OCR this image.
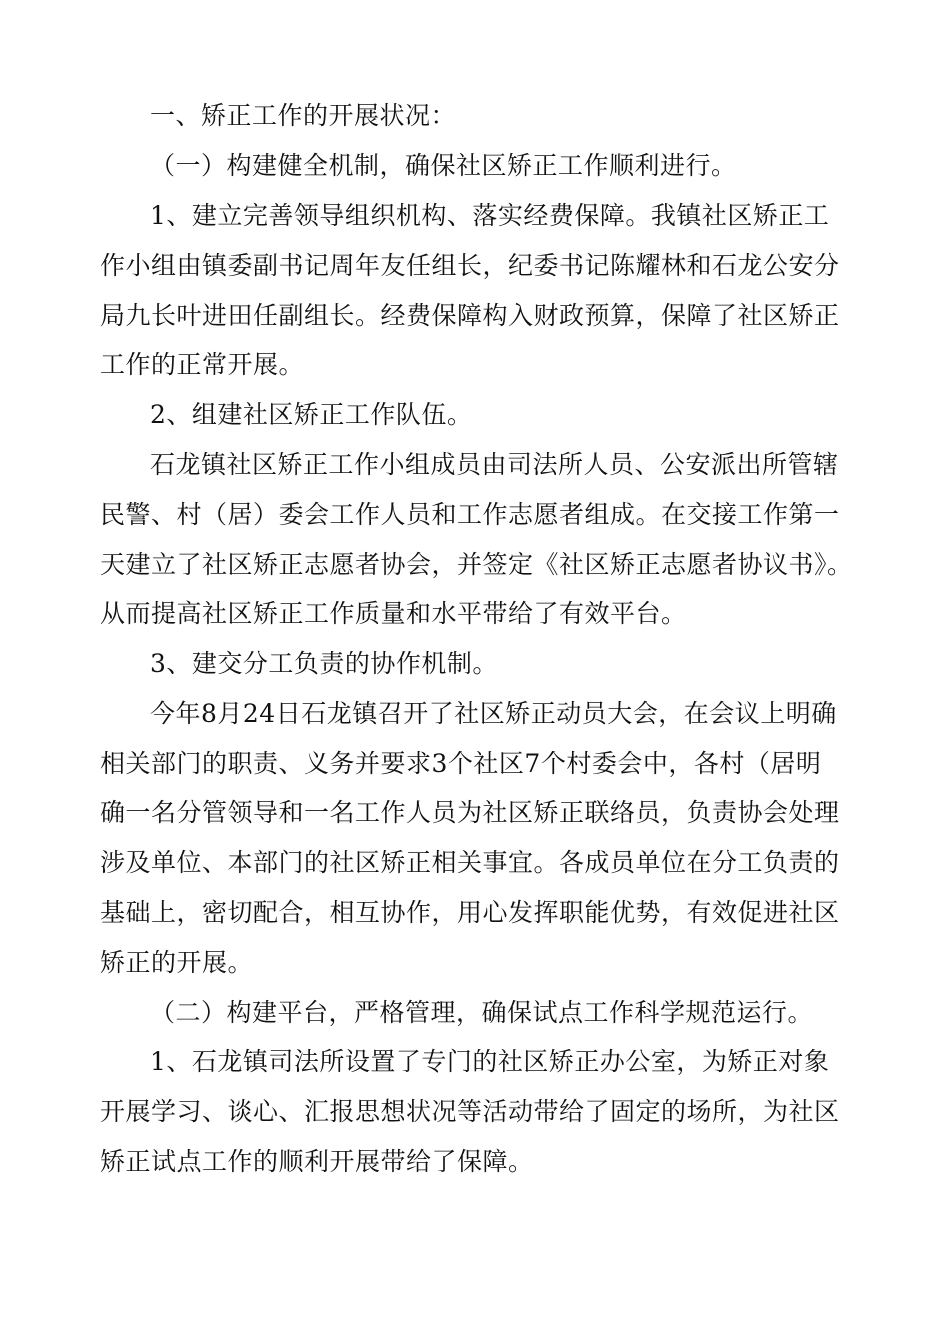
一、矫正工作的开展状况：

（一）构建健全机制，确保社区矫正工作顺利进行。

1、建立完善领导组织机构、落实经费保障。我镇社区矫正工

作小组由镇委副书记周年友任组长，纪委书记陈耀林和石龙公安分

局九长叶进田任副组长。经费保障构入财政预算，保障了社区矫正

工作的正常开展。

2、组建社区矫正工作队伍。

石龙镇社区矫正工作小组成员由司法所人员、公安派出所管辖

民警、村（居）委会工作人员和工作志愿者组成。在交接工作第一

天建立了社区矫正志愿者协会，并签定《社区矫正志愿者协议书》。

从而提高社区矫正工作质量和水平带给了有效平台。

3、建交分工负责的协作机制。

今年8月24日石龙镇召开了社区矫正动员大会，在会议上明确

相关部门的职责、义务并要求3个社区7个村委会中，各村（居明

确一名分管领导和一名工作人员为社区矫正联络员，负责协会处理

涉及单位、本部门的社区矫正相关事宜。各成员单位在分工负责的

基础上，密切配合，相互协作，用心发挥职能优势，有效促进社区

矫正的开展。

（二）构建平台，严格管理，确保试点工作科学规范运行。

1、石龙镇司法所设置了专门的社区矫正办公室，为矫正对象

开展学习、谈心、汇报思想状况等活动带给了固定的场所，为社区

矫正试点工作的顺利开展带给了保障。
